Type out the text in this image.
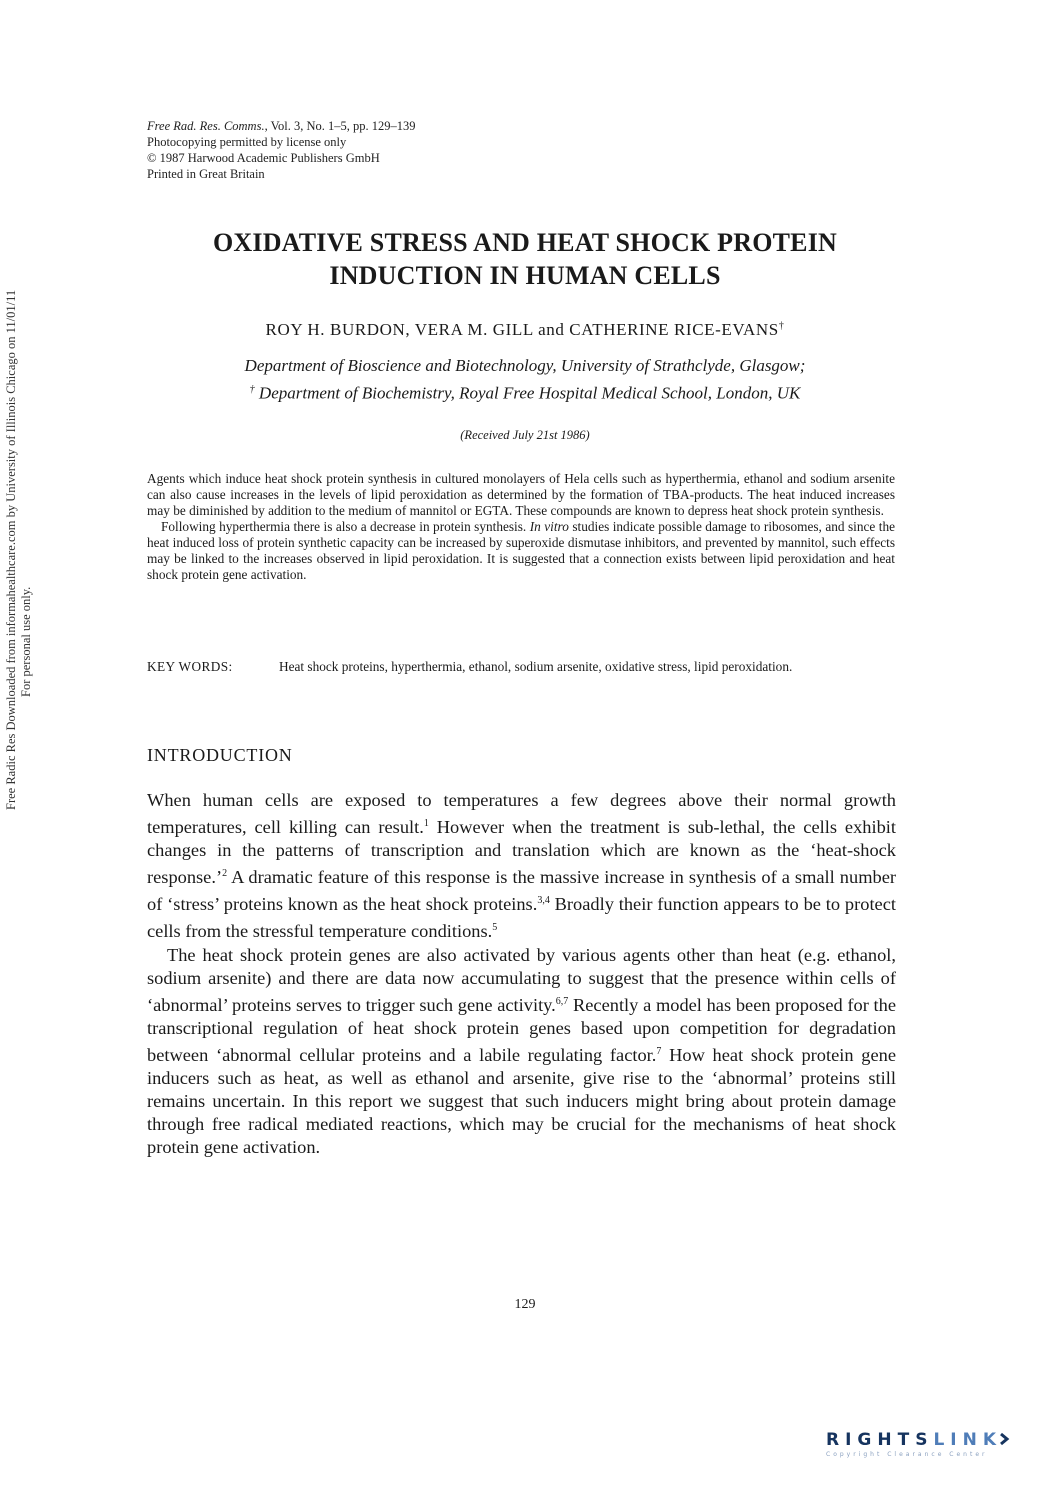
Free Rad. Res. Comms., Vol. 3, No. 1–5, pp. 129–139
Photocopying permitted by license only
© 1987 Harwood Academic Publishers GmbH
Printed in Great Britain
OXIDATIVE STRESS AND HEAT SHOCK PROTEIN
INDUCTION IN HUMAN CELLS
ROY H. BURDON, VERA M. GILL and CATHERINE RICE-EVANS†
Department of Bioscience and Biotechnology, University of Strathclyde, Glasgow;
† Department of Biochemistry, Royal Free Hospital Medical School, London, UK
(Received July 21st 1986)

Agents which induce heat shock protein synthesis in cultured monolayers of Hela cells such as hyperthermia, ethanol and sodium arsenite can also cause increases in the levels of lipid peroxidation as determined by the formation of TBA-products. The heat induced increases may be diminished by addition to the medium of mannitol or EGTA. These compounds are known to depress heat shock protein synthesis.

Following hyperthermia there is also a decrease in protein synthesis. In vitro studies indicate possible damage to ribosomes, and since the heat induced loss of protein synthetic capacity can be increased by superoxide dismutase inhibitors, and prevented by mannitol, such effects may be linked to the increases observed in lipid peroxidation. It is suggested that a connection exists between lipid peroxidation and heat shock protein gene activation.

KEY WORDS:	Heat shock proteins, hyperthermia, ethanol, sodium arsenite, oxidative stress, lipid peroxidation.
INTRODUCTION

When human cells are exposed to temperatures a few degrees above their normal growth temperatures, cell killing can result.$^1$ However when the treatment is sub-lethal, the cells exhibit changes in the patterns of transcription and translation which are known as the ‘heat-shock response.’$^2$ A dramatic feature of this response is the massive increase in synthesis of a small number of ‘stress’ proteins known as the heat shock proteins.$^{3,4}$ Broadly their function appears to be to protect cells from the stressful temperature conditions.$^5$

The heat shock protein genes are also activated by various agents other than heat (e.g. ethanol, sodium arsenite) and there are data now accumulating to suggest that the presence within cells of ‘abnormal’ proteins serves to trigger such gene activity.$^{6,7}$ Recently a model has been proposed for the transcriptional regulation of heat shock protein genes based upon competition for degradation between ‘abnormal cellular proteins and a labile regulating factor.$^7$ How heat shock protein gene inducers such as heat, as well as ethanol and arsenite, give rise to the ‘abnormal’ proteins still remains uncertain. In this report we suggest that such inducers might bring about protein damage through free radical mediated reactions, which may be crucial for the mechanisms of heat shock protein gene activation.

129
Free Radic Res Downloaded from informahealthcare.com by University of Illinois Chicago on 11/01/11 For personal use only.
RIGHTSLINK
Copyright Clearance Center
